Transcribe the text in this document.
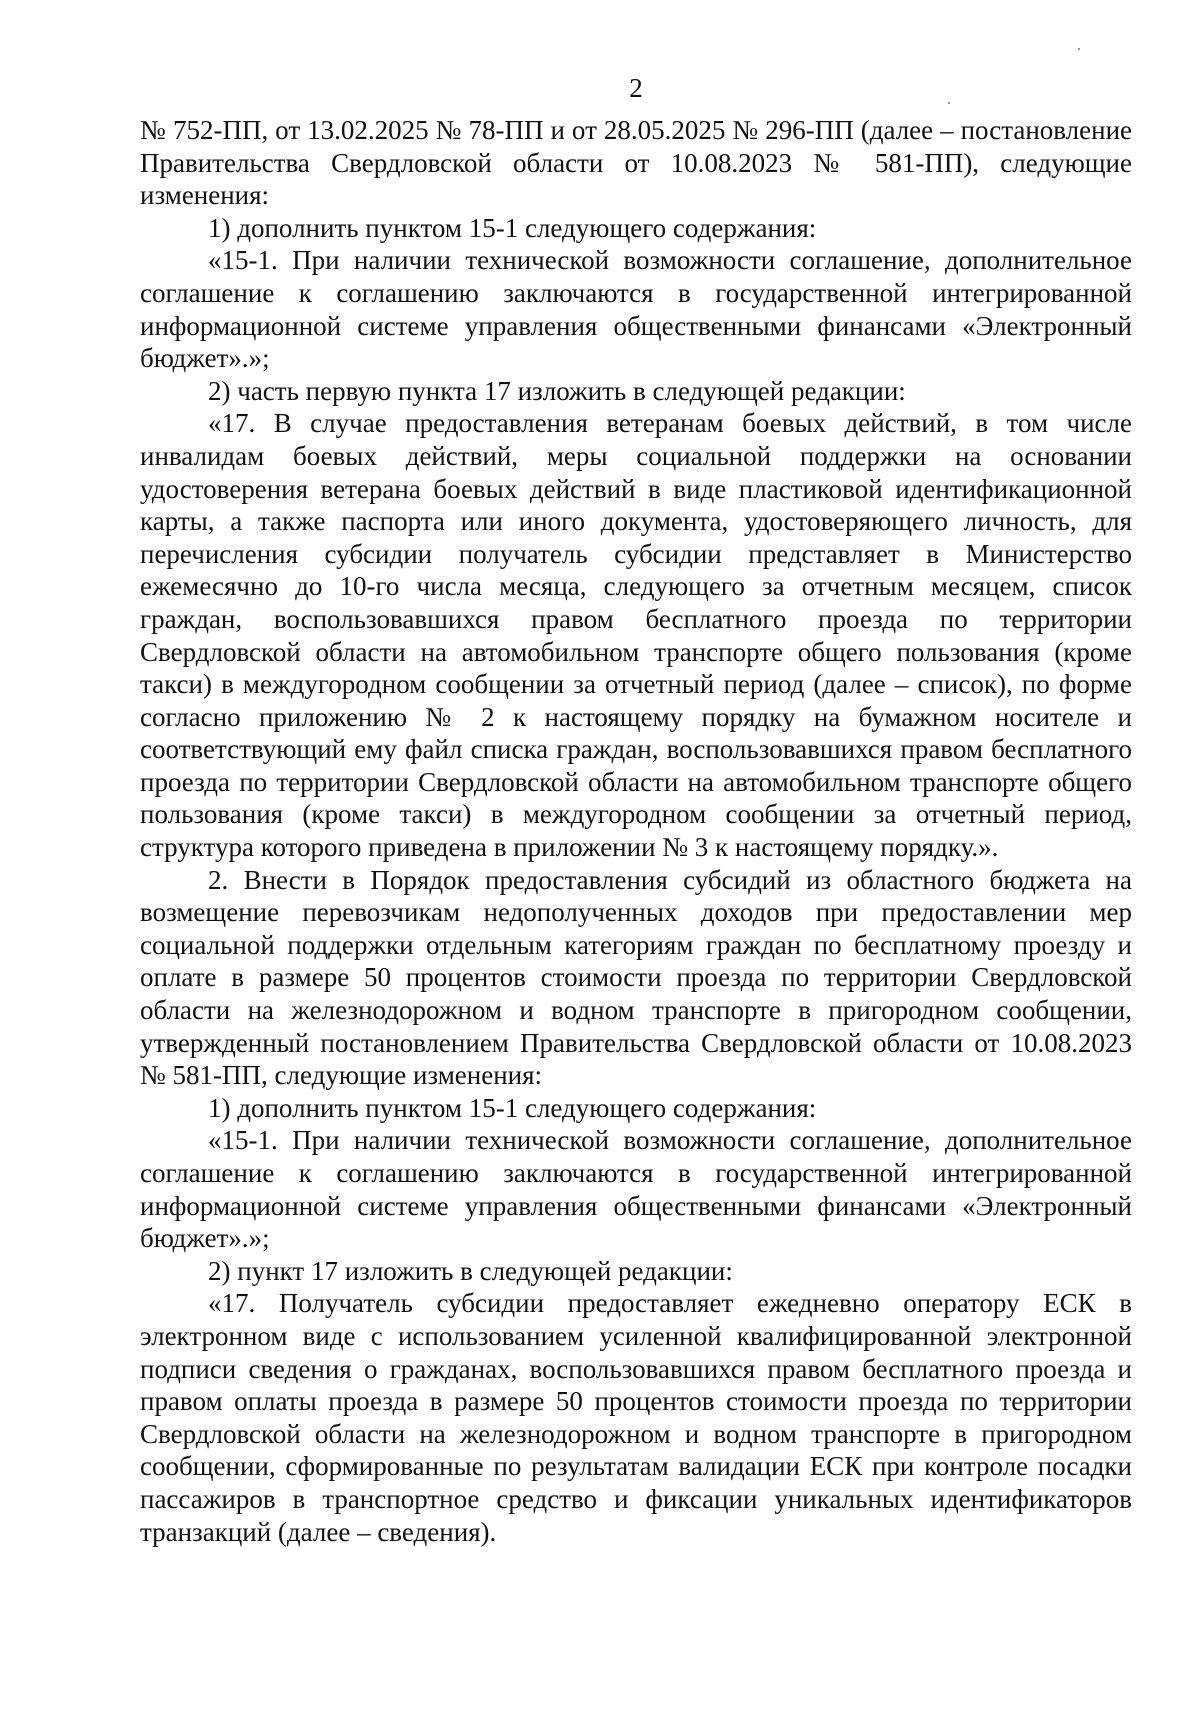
2

№ 752-ПП, от 13.02.2025 № 78-ПП и от 28.05.2025 № 296-ПП (далее – постановление Правительства Свердловской области от 10.08.2023 № 581-ПП), следующие изменения:

1) дополнить пунктом 15-1 следующего содержания:

«15-1. При наличии технической возможности соглашение, дополнительное соглашение к соглашению заключаются в государственной интегрированной информационной системе управления общественными финансами «Электронный бюджет».»;

2) часть первую пункта 17 изложить в следующей редакции:

«17. В случае предоставления ветеранам боевых действий, в том числе инвалидам боевых действий, меры социальной поддержки на основании удостоверения ветерана боевых действий в виде пластиковой идентификационной карты, а также паспорта или иного документа, удостоверяющего личность, для перечисления субсидии получатель субсидии представляет в Министерство ежемесячно до 10-го числа месяца, следующего за отчетным месяцем, список граждан, воспользовавшихся правом бесплатного проезда по территории Свердловской области на автомобильном транспорте общего пользования (кроме такси) в междугородном сообщении за отчетный период (далее – список), по форме согласно приложению № 2 к настоящему порядку на бумажном носителе и соответствующий ему файл списка граждан, воспользовавшихся правом бесплатного проезда по территории Свердловской области на автомобильном транспорте общего пользования (кроме такси) в междугородном сообщении за отчетный период, структура которого приведена в приложении № 3 к настоящему порядку.».

2. Внести в Порядок предоставления субсидий из областного бюджета на возмещение перевозчикам недополученных доходов при предоставлении мер социальной поддержки отдельным категориям граждан по бесплатному проезду и оплате в размере 50 процентов стоимости проезда по территории Свердловской области на железнодорожном и водном транспорте в пригородном сообщении, утвержденный постановлением Правительства Свердловской области от 10.08.2023 № 581-ПП, следующие изменения:

1) дополнить пунктом 15-1 следующего содержания:

«15-1. При наличии технической возможности соглашение, дополнительное соглашение к соглашению заключаются в государственной интегрированной информационной системе управления общественными финансами «Электронный бюджет».»;

2) пункт 17 изложить в следующей редакции:

«17. Получатель субсидии предоставляет ежедневно оператору ЕСК в электронном виде с использованием усиленной квалифицированной электронной подписи сведения о гражданах, воспользовавшихся правом бесплатного проезда и правом оплаты проезда в размере 50 процентов стоимости проезда по территории Свердловской области на железнодорожном и водном транспорте в пригородном сообщении, сформированные по результатам валидации ЕСК при контроле посадки пассажиров в транспортное средство и фиксации уникальных идентификаторов транзакций (далее – сведения).
